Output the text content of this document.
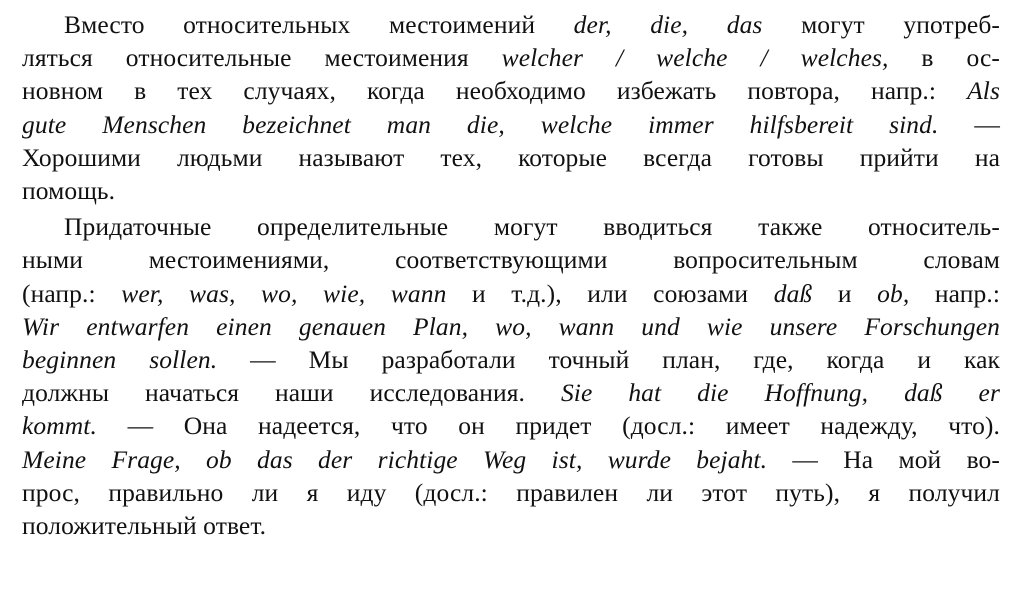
Вместо относительных местоимений der, die, das могут употреб-
ляться относительные местоимения welcher / welche / welches, в ос-
новном в тех случаях, когда необходимо избежать повтора, напр.: Als
gute Menschen bezeichnet man die, welche immer hilfsbereit sind. —
Хорошими людьми называют тех, которые всегда готовы прийти на
помощь.
Придаточные определительные могут вводиться также относитель-
ными местоимениями, соответствующими вопросительным словам
(напр.: wer, was, wo, wie, wann и т.д.), или союзами daß и ob, напр.:
Wir entwarfen einen genauen Plan, wo, wann und wie unsere Forschungen
beginnen sollen. — Мы разработали точный план, где, когда и как
должны начаться наши исследования. Sie hat die Hoffnung, daß er
kommt. — Она надеется, что он придет (досл.: имеет надежду, что).
Meine Frage, ob das der richtige Weg ist, wurde bejaht. — На мой во-
прос, правильно ли я иду (досл.: правилен ли этот путь), я получил
положительный ответ.
